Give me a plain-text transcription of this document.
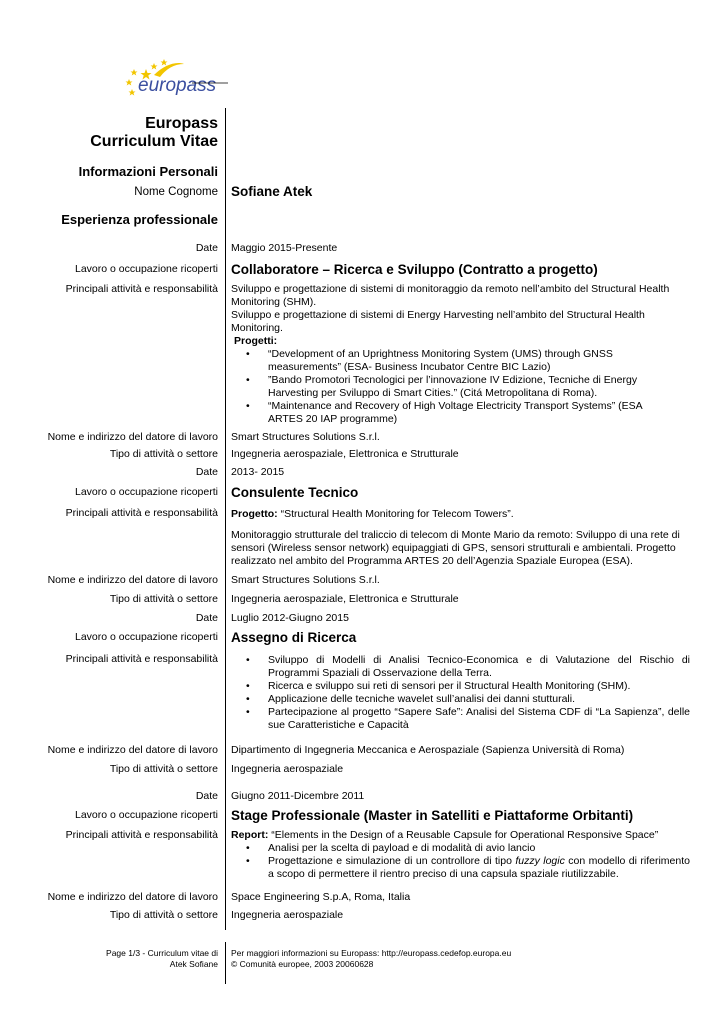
europass
Europass
Curriculum Vitae
Informazioni Personali
Nome Cognome Sofiane Atek
Esperienza professionale
Date Maggio 2015-Presente
Lavoro o occupazione ricoperti Collaboratore – Ricerca e Sviluppo (Contratto a progetto)
Principali attività e responsabilità Sviluppo e progettazione di sistemi di monitoraggio da remoto nell’ambito del Structural Health Monitoring (SHM).
Sviluppo e progettazione di sistemi di Energy Harvesting nell’ambito del Structural Health Monitoring.
Progetti:
• “Development of an Uprightness Monitoring System (UMS) through GNSS measurements” (ESA- Business Incubator Centre BIC Lazio)
• ”Bando Promotori Tecnologici per l’innovazione IV Edizione, Tecniche di Energy Harvesting per Sviluppo di Smart Cities.” (Citá Metropolitana di Roma).
• “Maintenance and Recovery of High Voltage Electricity Transport Systems” (ESA ARTES 20 IAP programme)
Nome e indirizzo del datore di lavoro Smart Structures Solutions S.r.l.
Tipo di attività o settore Ingegneria aerospaziale, Elettronica e Strutturale
Date 2013- 2015
Lavoro o occupazione ricoperti Consulente Tecnico
Principali attività e responsabilità Progetto: “Structural Health Monitoring for Telecom Towers”.
Monitoraggio strutturale del traliccio di telecom di Monte Mario da remoto: Sviluppo di una rete di sensori (Wireless sensor network) equipaggiati di GPS, sensori strutturali e ambientali. Progetto realizzato nel ambito del Programma ARTES 20 dell’Agenzia Spaziale Europea (ESA).
Nome e indirizzo del datore di lavoro Smart Structures Solutions S.r.l.
Tipo di attività o settore Ingegneria aerospaziale, Elettronica e Strutturale
Date Luglio 2012-Giugno 2015
Lavoro o occupazione ricoperti Assegno di Ricerca
Principali attività e responsabilità
•	Sviluppo di Modelli di Analisi Tecnico-Economica e di Valutazione del Rischio di Programmi Spaziali di Osservazione della Terra.
• Ricerca e sviluppo sui reti di sensori per il Structural Health Monitoring (SHM).
• Applicazione delle tecniche wavelet sull’analisi dei danni stutturali.
• Partecipazione al progetto “Sapere Safe”: Analisi del Sistema CDF di “La Sapienza”, delle sue Caratteristiche e Capacità
Nome e indirizzo del datore di lavoro Dipartimento di Ingegneria Meccanica e Aerospaziale (Sapienza Università di Roma)
Tipo di attività o settore Ingegneria aerospaziale
Date Giugno 2011-Dicembre 2011
Lavoro o occupazione ricoperti Stage Professionale (Master in Satelliti e Piattaforme Orbitanti)
Principali attività e responsabilità Report: “Elements in the Design of a Reusable Capsule for Operational Responsive Space”
• Analisi per la scelta di payload e di modalità di avio lancio
• Progettazione e simulazione di un controllore di tipo fuzzy logic con modello di riferimento a scopo di permettere il rientro preciso di una capsula spaziale riutilizzabile.
Nome e indirizzo del datore di lavoro Space Engineering S.p.A, Roma, Italia
Tipo di attività o settore Ingegneria aerospaziale
Page 1/3 - Curriculum vitae di
Atek Sofiane
Per maggiori informazioni su Europass: http://europass.cedefop.europa.eu
© Comunità europee, 2003 20060628
